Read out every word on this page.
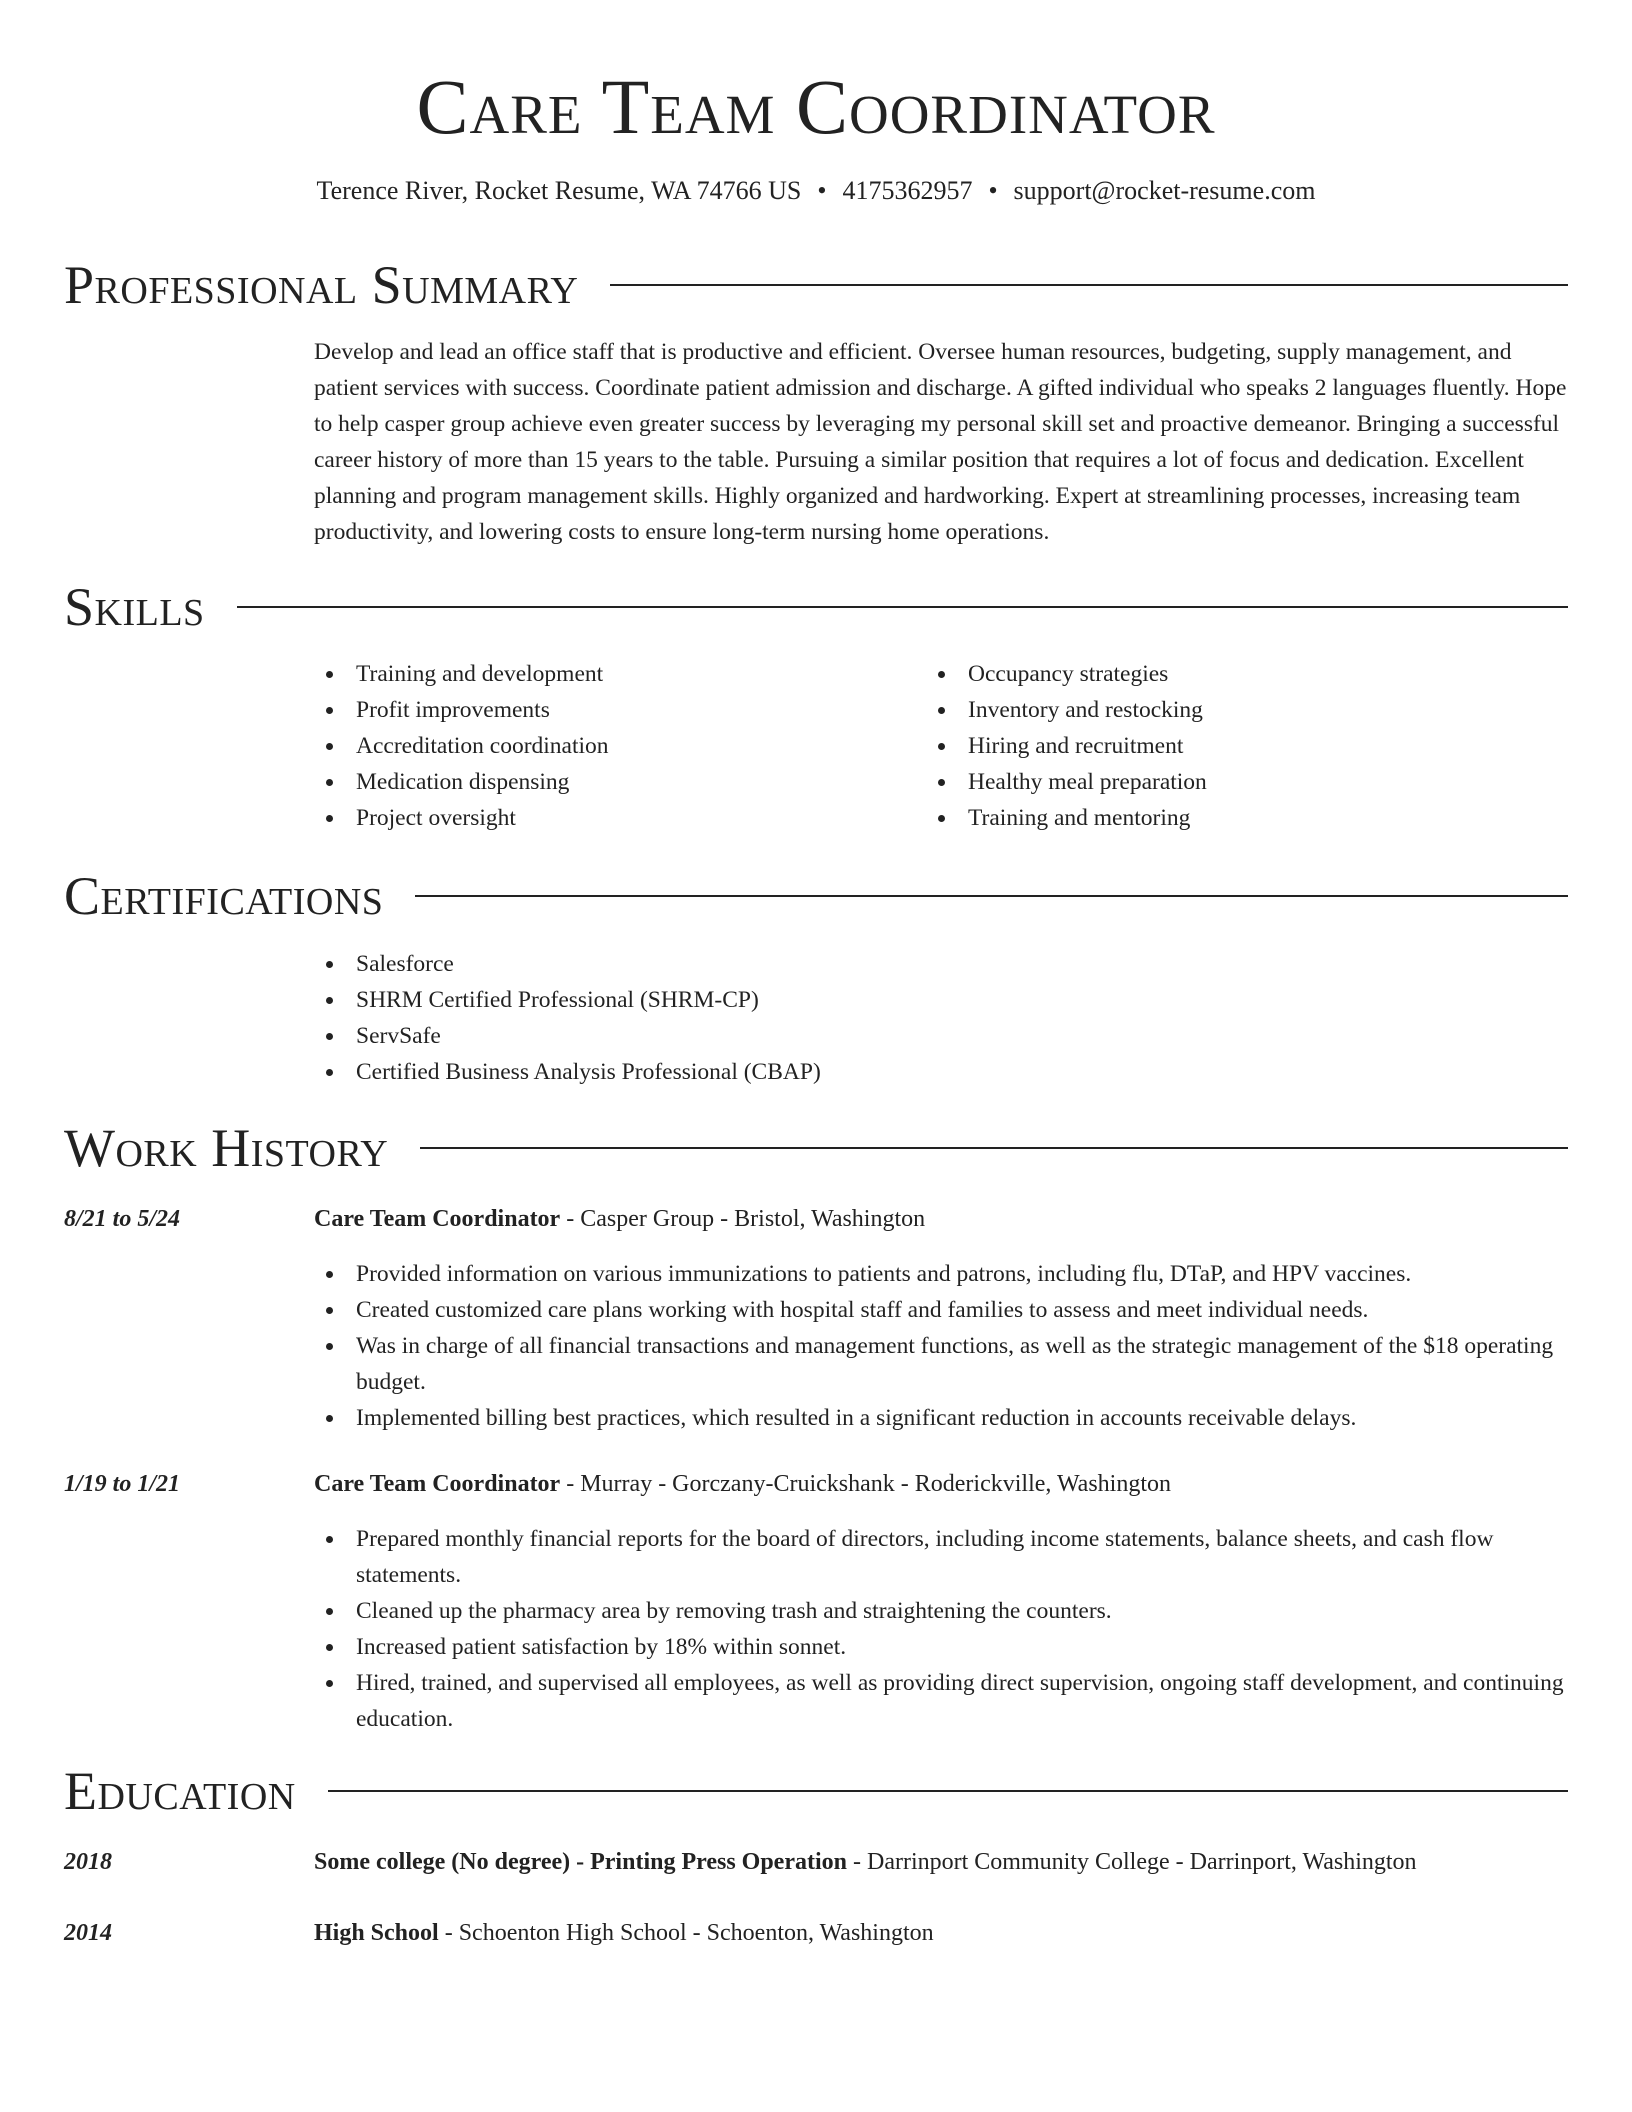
Care Team Coordinator
Terence River, Rocket Resume, WA 74766 US • 4175362957 • support@rocket-resume.com
Professional Summary
Develop and lead an office staff that is productive and efficient. Oversee human resources, budgeting, supply management, and patient services with success. Coordinate patient admission and discharge. A gifted individual who speaks 2 languages fluently. Hope to help casper group achieve even greater success by leveraging my personal skill set and proactive demeanor. Bringing a successful career history of more than 15 years to the table. Pursuing a similar position that requires a lot of focus and dedication. Excellent planning and program management skills. Highly organized and hardworking. Expert at streamlining processes, increasing team productivity, and lowering costs to ensure long-term nursing home operations.
Skills
Training and development
Profit improvements
Accreditation coordination
Medication dispensing
Project oversight
Occupancy strategies
Inventory and restocking
Hiring and recruitment
Healthy meal preparation
Training and mentoring
Certifications
Salesforce
SHRM Certified Professional (SHRM-CP)
ServSafe
Certified Business Analysis Professional (CBAP)
Work History
8/21 to 5/24	Care Team Coordinator - Casper Group - Bristol, Washington
Provided information on various immunizations to patients and patrons, including flu, DTaP, and HPV vaccines.
Created customized care plans working with hospital staff and families to assess and meet individual needs.
Was in charge of all financial transactions and management functions, as well as the strategic management of the $18 operating budget.
Implemented billing best practices, which resulted in a significant reduction in accounts receivable delays.
1/19 to 1/21	Care Team Coordinator - Murray - Gorczany-Cruickshank - Roderickville, Washington
Prepared monthly financial reports for the board of directors, including income statements, balance sheets, and cash flow statements.
Cleaned up the pharmacy area by removing trash and straightening the counters.
Increased patient satisfaction by 18% within sonnet.
Hired, trained, and supervised all employees, as well as providing direct supervision, ongoing staff development, and continuing education.
Education
2018	Some college (No degree) - Printing Press Operation - Darrinport Community College - Darrinport, Washington
2014	High School - Schoenton High School - Schoenton, Washington
